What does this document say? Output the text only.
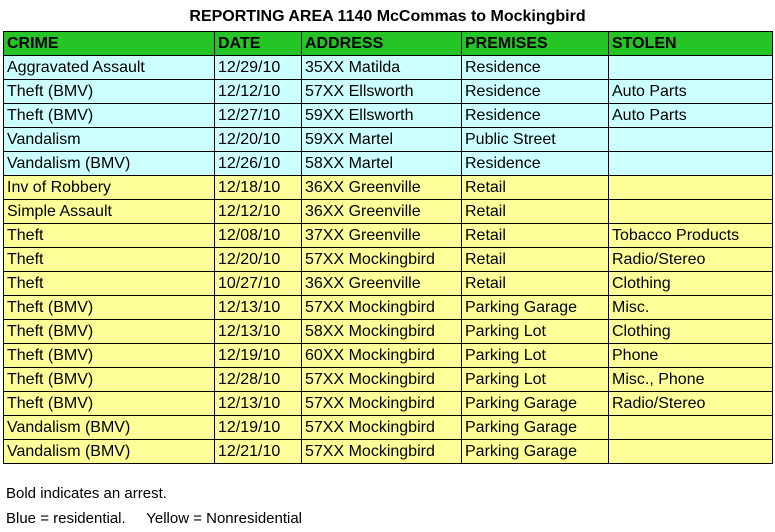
REPORTING AREA 1140 McCommas to Mockingbird
CRIME	DATE	ADDRESS	PREMISES	STOLEN
Aggravated Assault	12/29/10	35XX Matilda	Residence	
Theft (BMV)	12/12/10	57XX Ellsworth	Residence	Auto Parts
Theft (BMV)	12/27/10	59XX Ellsworth	Residence	Auto Parts
Vandalism	12/20/10	59XX Martel	Public Street	
Vandalism (BMV)	12/26/10	58XX Martel	Residence	
Inv of Robbery	12/18/10	36XX Greenville	Retail	
Simple Assault	12/12/10	36XX Greenville	Retail	
Theft	12/08/10	37XX Greenville	Retail	Tobacco Products
Theft	12/20/10	57XX Mockingbird	Retail	Radio/Stereo
Theft	10/27/10	36XX Greenville	Retail	Clothing
Theft (BMV)	12/13/10	57XX Mockingbird	Parking Garage	Misc.
Theft (BMV)	12/13/10	58XX Mockingbird	Parking Lot	Clothing
Theft (BMV)	12/19/10	60XX Mockingbird	Parking Lot	Phone
Theft (BMV)	12/28/10	57XX Mockingbird	Parking Lot	Misc., Phone
Theft (BMV)	12/13/10	57XX Mockingbird	Parking Garage	Radio/Stereo
Vandalism (BMV)	12/19/10	57XX Mockingbird	Parking Garage	
Vandalism (BMV)	12/21/10	57XX Mockingbird	Parking Garage	
Bold indicates an arrest.
Blue = residential.     Yellow = Nonresidential
